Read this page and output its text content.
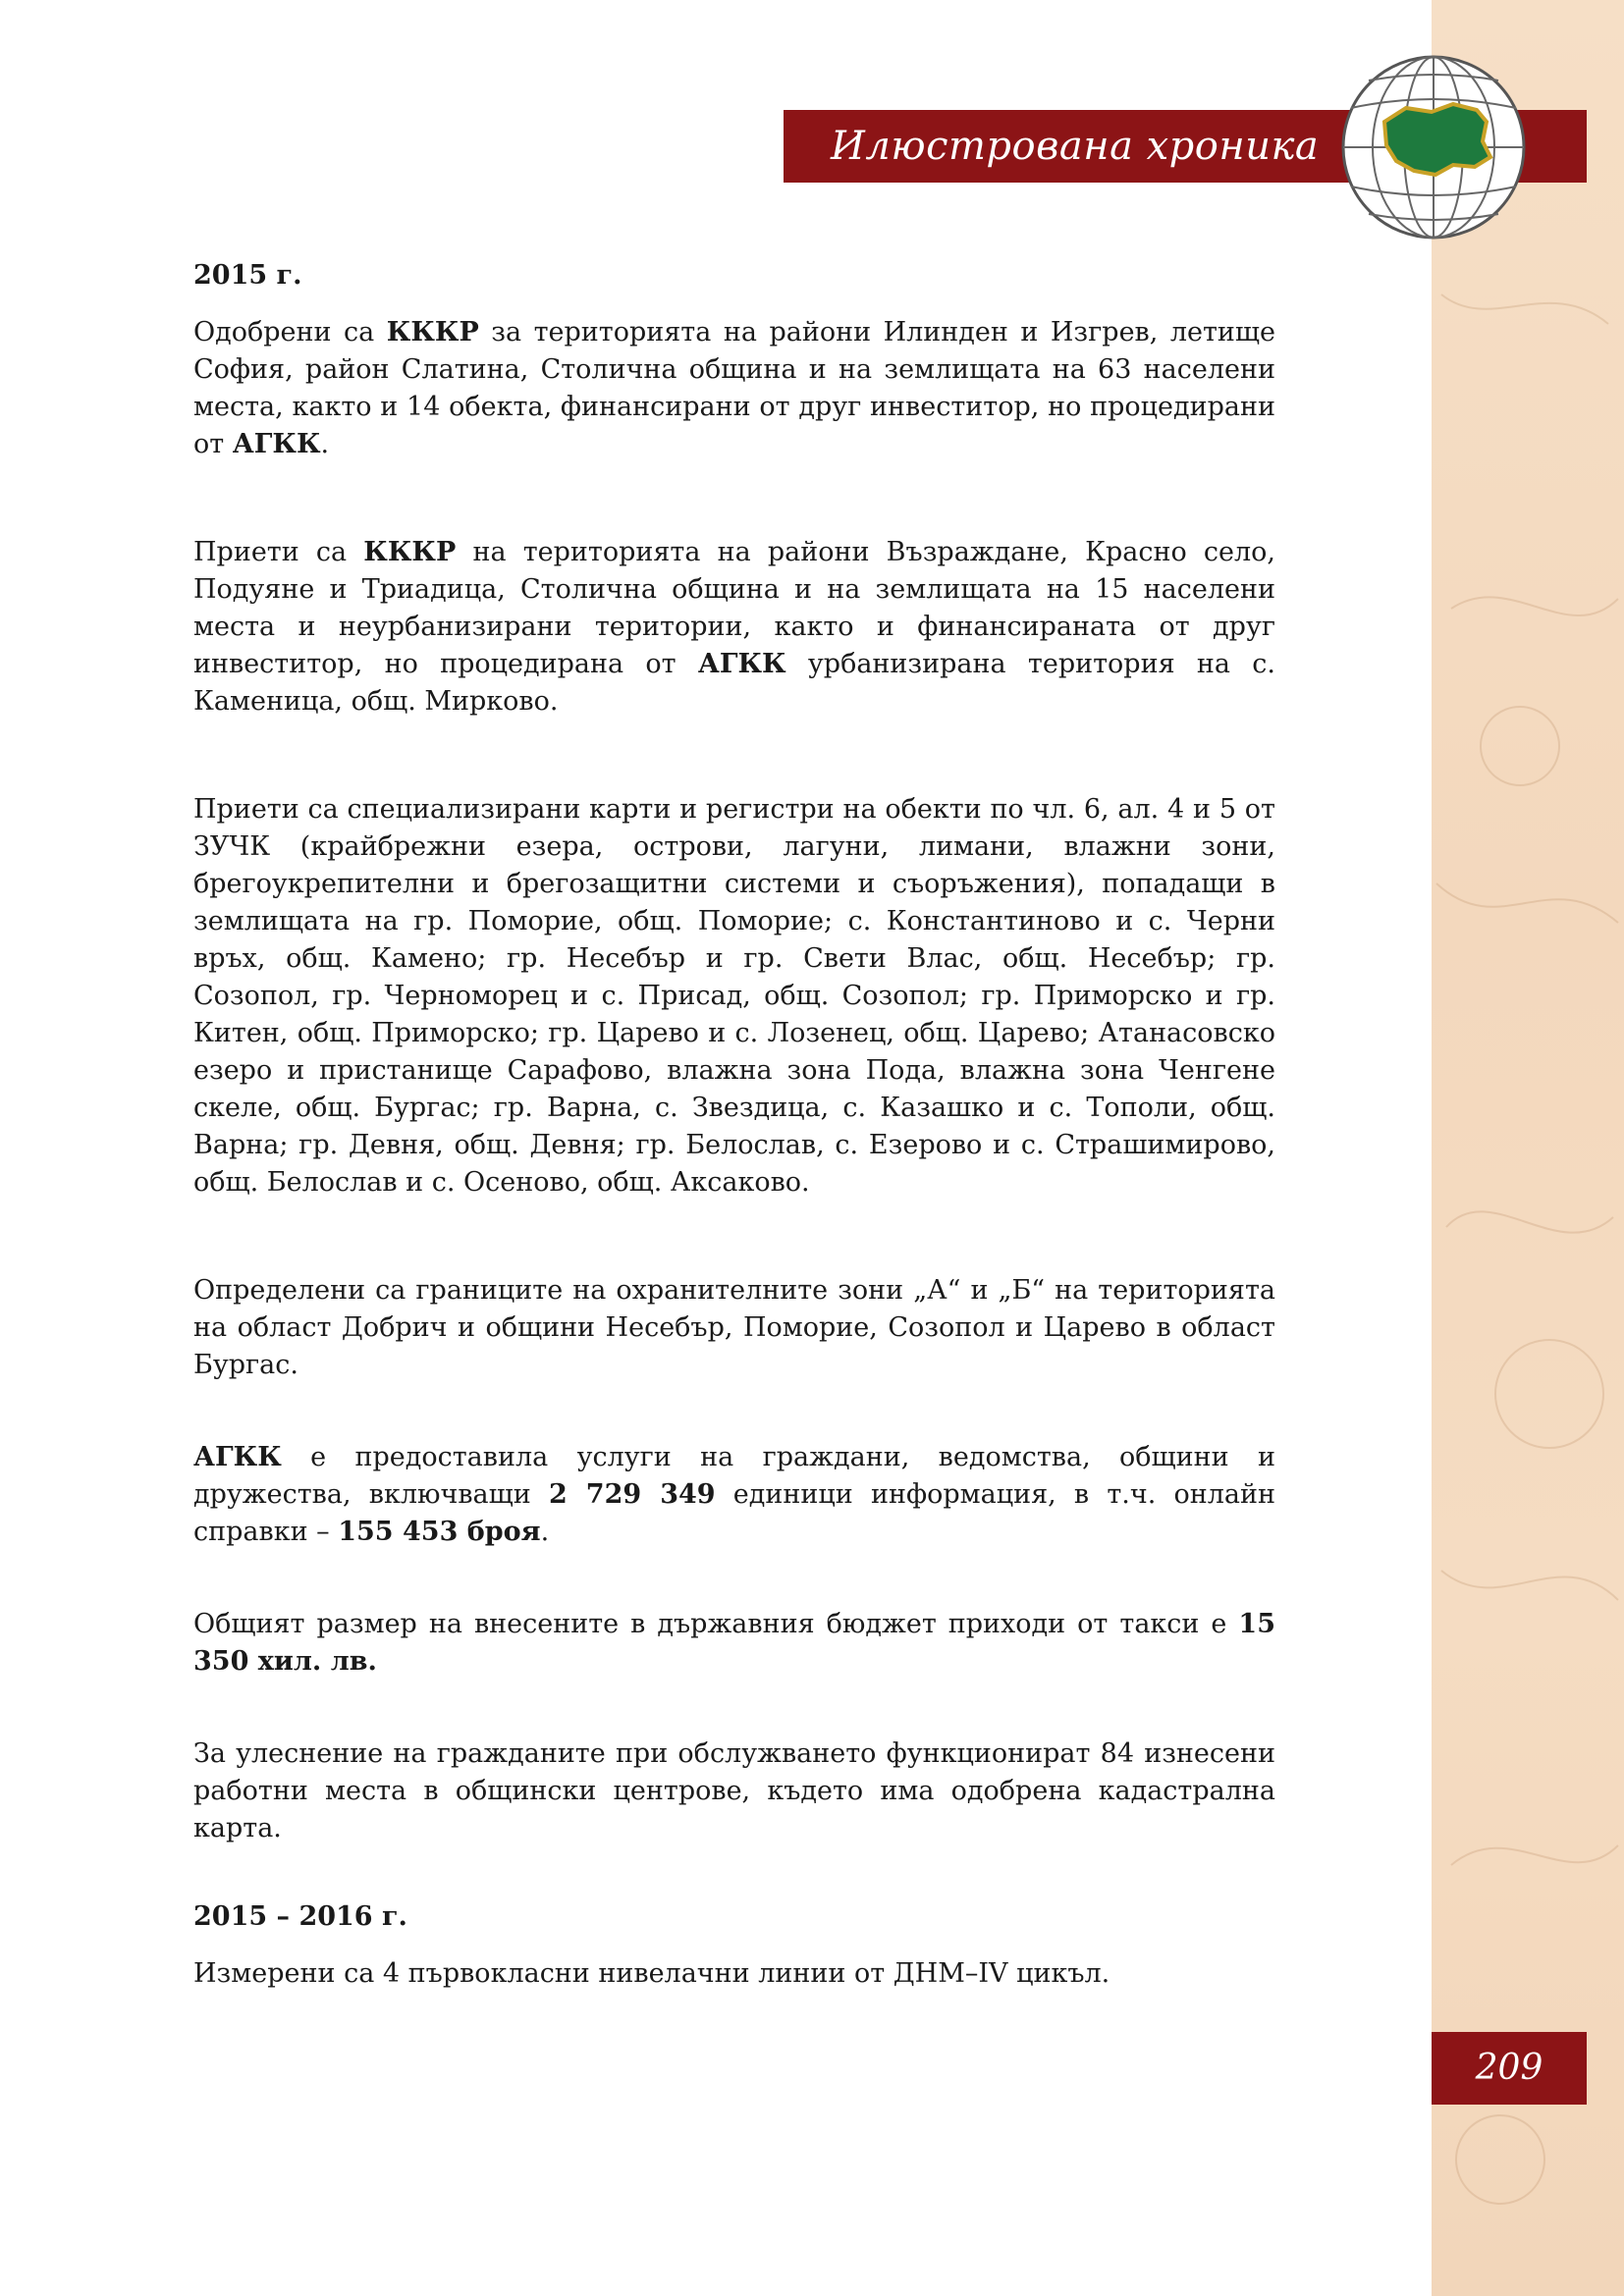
Илюстрована хроника

2015 г.

Одобрени са КККР за територията на райони Илинден и Изгрев, летище София, район Слатина, Столична община и на землищата на 63 населени места, както и 14 обекта, финансирани от друг инвеститор, но процедирани от АГКК.

Приети са КККР на територията на райони Възраждане, Красно село, Подуяне и Триадица, Столична община и на землищата на 15 населени места и неурбанизирани територии, както и финансираната от друг инвеститор, но процедирана от АГКК урбанизирана територия на с. Каменица, общ. Мирково.

Приети са специализирани карти и регистри на обекти по чл. 6, ал. 4 и 5 от ЗУЧК (крайбрежни езера, острови, лагуни, лимани, влажни зони, брегоукрепителни и брегозащитни системи и съоръжения), попадащи в землищата на гр. Поморие, общ. Поморие; с. Константиново и с. Черни връх, общ. Камено; гр. Несебър и гр. Свети Влас, общ. Несебър; гр. Созопол, гр. Черноморец и с. Присад, общ. Созопол; гр. Приморско и гр. Китен, общ. Приморско; гр. Царево и с. Лозенец, общ. Царево; Атанасовско езеро и пристанище Сарафово, влажна зона Пода, влажна зона Ченгене скеле, общ. Бургас; гр. Варна, с. Звездица, с. Казашко и с. Тополи, общ. Варна; гр. Девня, общ. Девня; гр. Белослав, с. Езерово и с. Страшимирово, общ. Белослав и с. Осеново, общ. Аксаково.

Определени са границите на охранителните зони „А“ и „Б“ на територията на област Добрич и общини Несебър, Поморие, Созопол и Царево в област Бургас.

АГКК е предоставила услуги на граждани, ведомства, общини и дружества, включващи 2 729 349 единици информация, в т.ч. онлайн справки – 155 453 броя.

Общият размер на внесените в държавния бюджет приходи от такси е 15 350 хил. лв.

За улеснение на гражданите при обслужването функционират 84 изнесени работни места в общински центрове, където има одобрена кадастрална карта.

2015 – 2016 г.

Измерени са 4 първокласни нивелачни линии от ДНМ–IV цикъл.

209
